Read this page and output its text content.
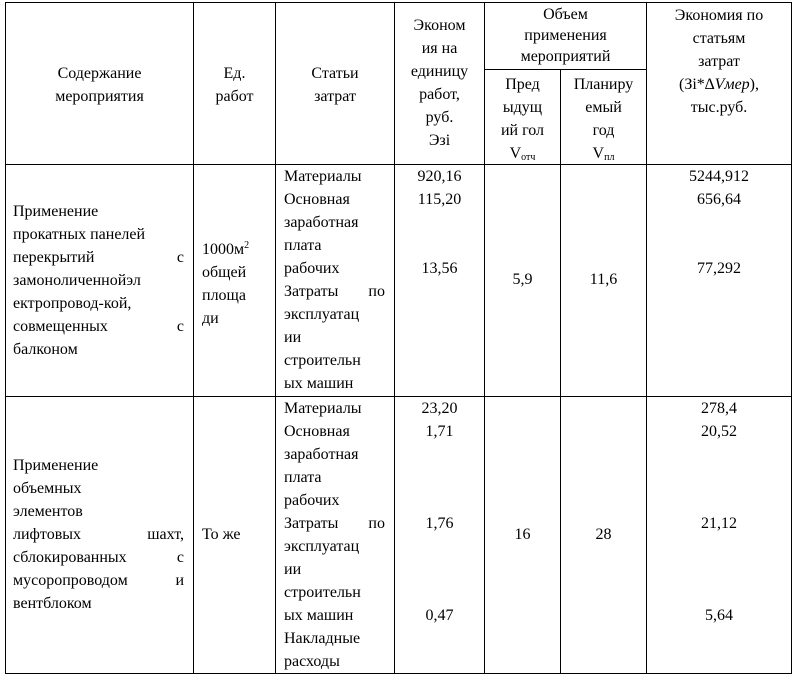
Содержание
мероприятия
Ед.
работ
Статьи
затрат
Эконом
ия на
единицу
работ,
руб.
Эзi
Объем
применения
мероприятий
Пред
ыдущ
ий гол
$V_{отч}$
Планиру
емый
год
$V_{пл}$
Экономия по
статьям
затрат
(Зi*∆Vмер),
тыс.руб.
Применение
прокатных панелей
перекрытий с
замоноличеннойэл
ектропровод-кой,
совмещенных с
балконом
$1000м^2$
общей
площа
ди
Материалы
Основная
заработная
плата
рабочих
Затраты по
эксплуатац
ии
строительн
ых машин
920,16
115,20
13,56
5,9	11,6
5244,912
656,64
77,292
Применение
объемных
элементов
лифтовых шахт,
сблокированных с
мусоропроводом и
вентблоком
То же
Материалы
Основная
заработная
плата
рабочих
Затраты по
эксплуатац
ии
строительн
ых машин
Накладные
расходы
23,20
1,71
1,76
0,47
16	28
278,4
20,52
21,12
5,64
